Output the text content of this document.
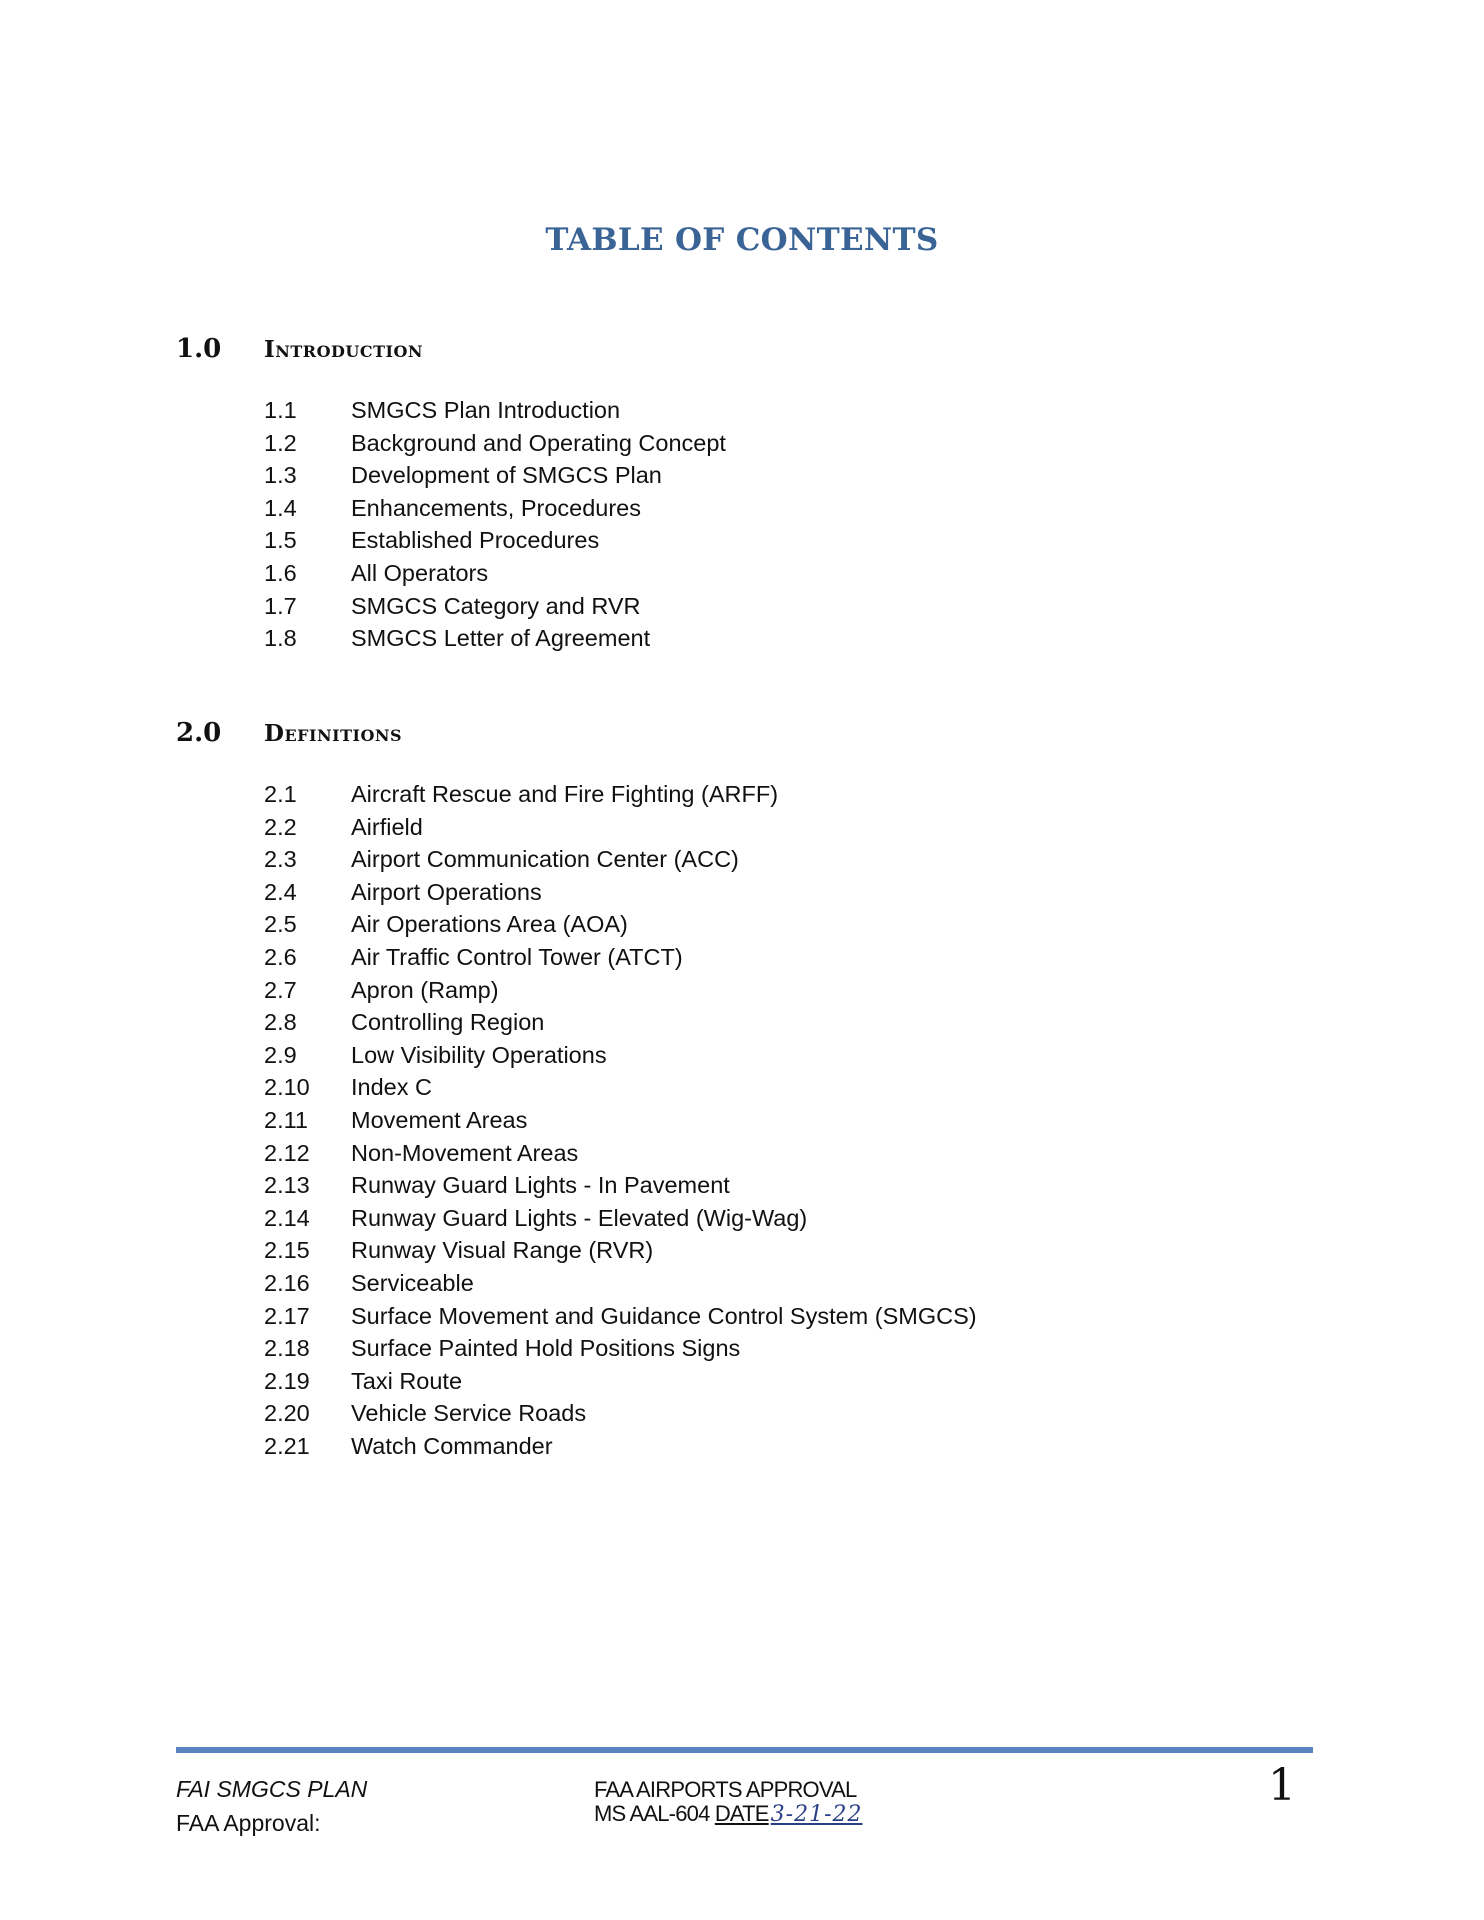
TABLE OF CONTENTS
1.0	Introduction
1.1	SMGCS Plan Introduction
1.2	Background and Operating Concept
1.3	Development of SMGCS Plan
1.4	Enhancements, Procedures
1.5	Established Procedures
1.6	All Operators
1.7	SMGCS Category and RVR
1.8	SMGCS Letter of Agreement
2.0	Definitions
2.1	Aircraft Rescue and Fire Fighting (ARFF)
2.2	Airfield
2.3	Airport Communication Center (ACC)
2.4	Airport Operations
2.5	Air Operations Area (AOA)
2.6	Air Traffic Control Tower (ATCT)
2.7	Apron (Ramp)
2.8	Controlling Region
2.9	Low Visibility Operations
2.10	Index C
2.11	Movement Areas
2.12	Non-Movement Areas
2.13	Runway Guard Lights - In Pavement
2.14	Runway Guard Lights - Elevated (Wig-Wag)
2.15	Runway Visual Range (RVR)
2.16	Serviceable
2.17	Surface Movement and Guidance Control System (SMGCS)
2.18	Surface Painted Hold Positions Signs
2.19	Taxi Route
2.20	Vehicle Service Roads
2.21	Watch Commander
FAI SMGCS PLAN
FAA Approval:
FAA AIRPORTS APPROVAL
MS AAL-604 DATE3-21-22
1
